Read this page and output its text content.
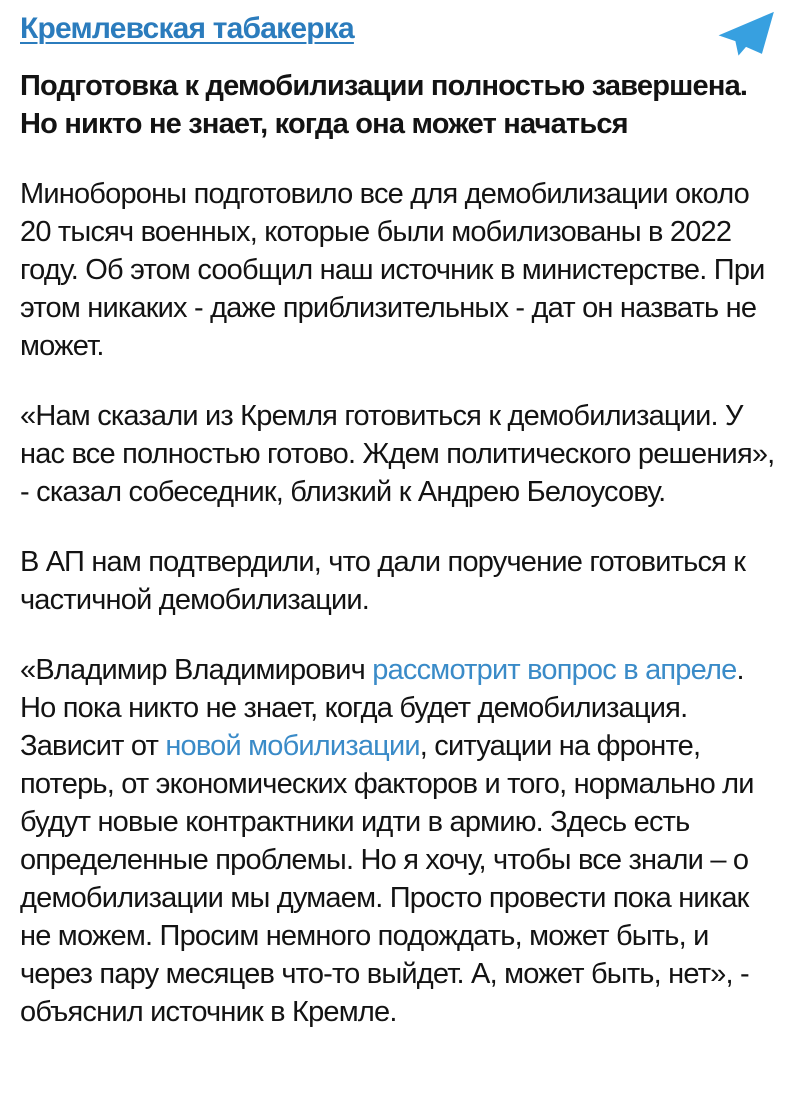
Кремлевская табакерка
Подготовка к демобилизации полностью завершена. Но никто не знает, когда она может начаться

Минобороны подготовило все для демобилизации около 20 тысяч военных, которые были мобилизованы в 2022 году. Об этом сообщил наш источник в министерстве. При этом никаких - даже приблизительных - дат он назвать не может.

«Нам сказали из Кремля готовиться к демобилизации. У нас все полностью готово. Ждем политического решения», - сказал собеседник, близкий к Андрею Белоусову.

В АП нам подтвердили, что дали поручение готовиться к частичной демобилизации.

«Владимир Владимирович рассмотрит вопрос в апреле. Но пока никто не знает, когда будет демобилизация. Зависит от новой мобилизации, ситуации на фронте, потерь, от экономических факторов и того, нормально ли будут новые контрактники идти в армию. Здесь есть определенные проблемы. Но я хочу, чтобы все знали – о демобилизации мы думаем. Просто провести пока никак не можем. Просим немного подождать, может быть, и через пару месяцев что-то выйдет. А, может быть, нет», - объяснил источник в Кремле.
